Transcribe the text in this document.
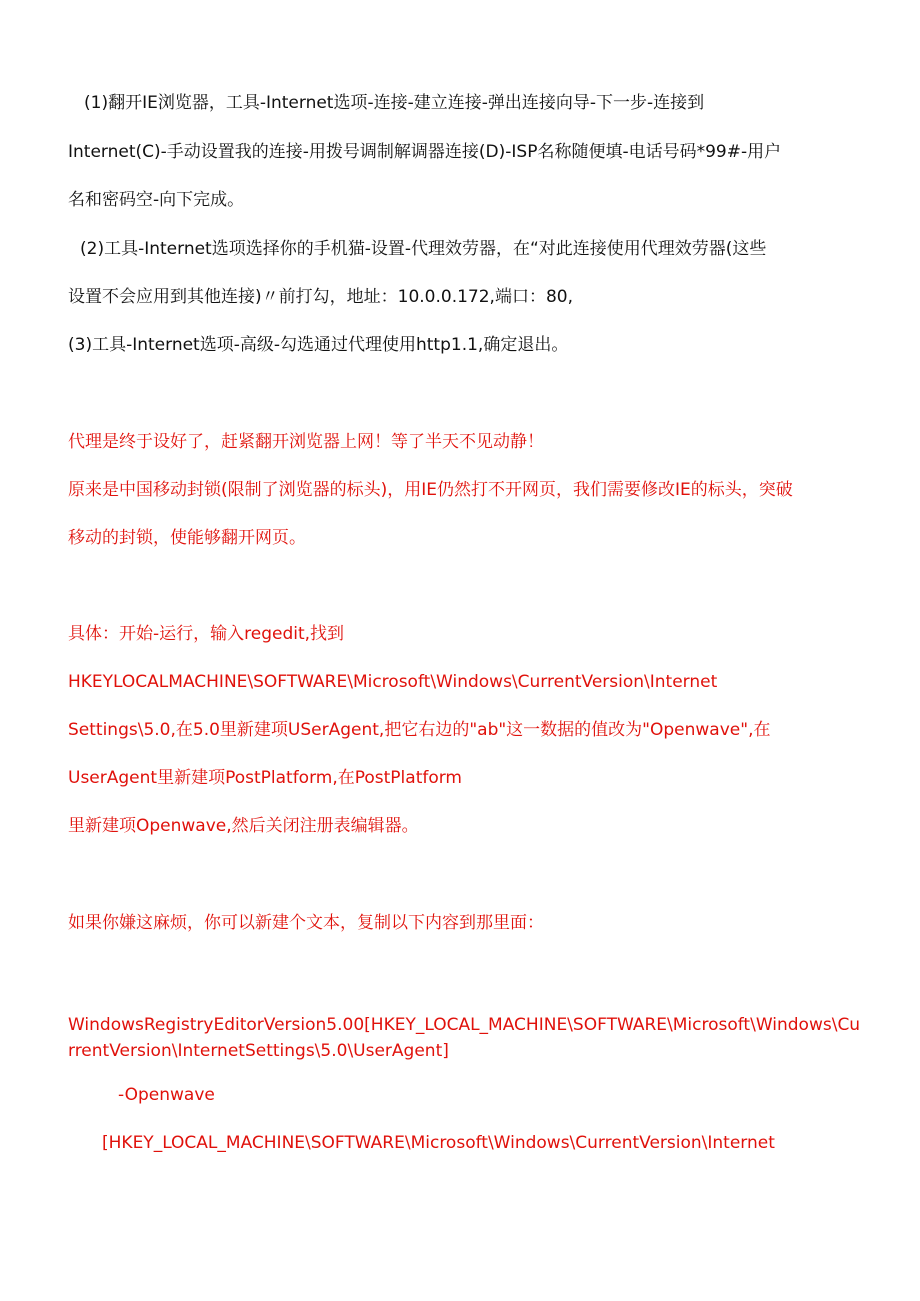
(1)翻开IE浏览器，工具-Internet选项-连接-建立连接-弹出连接向导-下一步-连接到
Internet(C)-手动设置我的连接-用拨号调制解调器连接(D)-ISP名称随便填-电话号码*99#-用户
名和密码空-向下完成。
(2)工具-Internet选项选择你的手机猫-设置-代理效劳器，在“对此连接使用代理效劳器(这些
设置不会应用到其他连接)〃前打勾，地址：10.0.0.172,端口：80,
(3)工具-Internet选项-高级-勾选通过代理使用http1.1,确定退出。
代理是终于设好了，赶紧翻开浏览器上网！等了半天不见动静！
原来是中国移动封锁(限制了浏览器的标头)，用IE仍然打不开网页，我们需要修改IE的标头，突破
移动的封锁，使能够翻开网页。
具体：开始-运行，输入regedit,找到
HKEYLOCALMACHINE\SOFTWARE\Microsoft\Windows\CurrentVersion\Internet
Settings\5.0,在5.0里新建项USerAgent,把它右边的"ab"这一数据的值改为"Openwave",在
UserAgent里新建项PostPlatform,在PostPlatform
里新建项Openwave,然后关闭注册表编辑器。
如果你嫌这麻烦，你可以新建个文本，复制以下内容到那里面：
WindowsRegistryEditorVersion5.00[HKEY_LOCAL_MACHINE\SOFTWARE\Microsoft\Windows\CurrentVersion\InternetSettings\5.0\UserAgent]
-Openwave
[HKEY_LOCAL_MACHINE\SOFTWARE\Microsoft\Windows\CurrentVersion\Internet
